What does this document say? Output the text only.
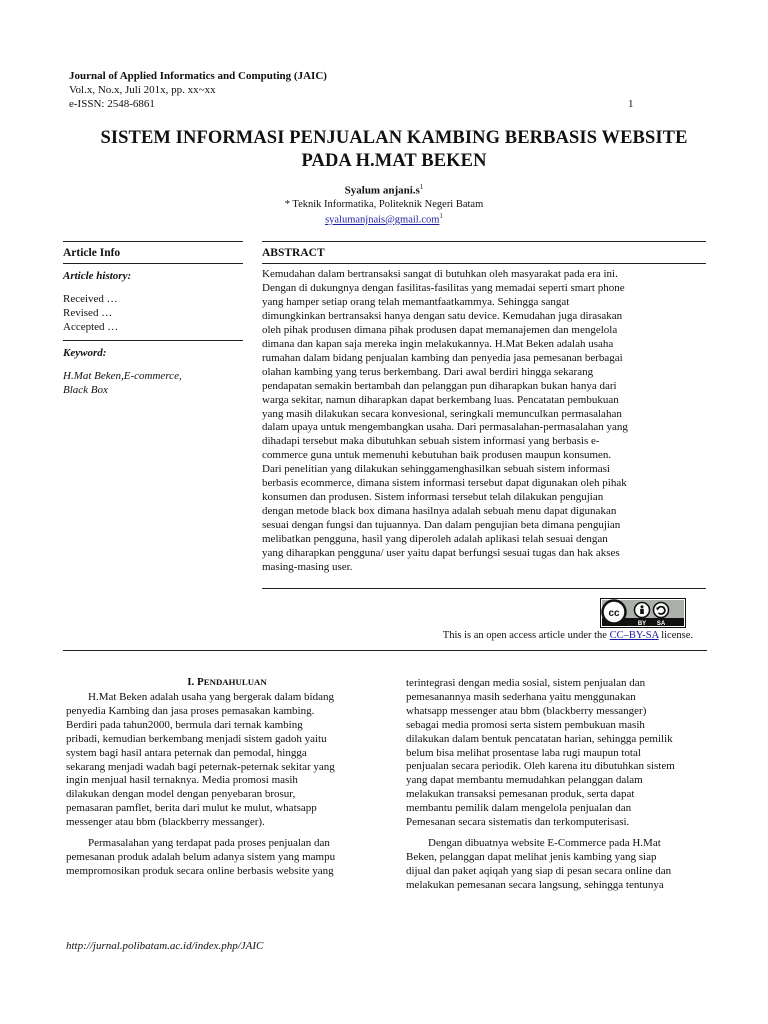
Journal of Applied Informatics and Computing (JAIC)
Vol.x, No.x, Juli 201x, pp. xx~xx
e-ISSN: 2548-6861	1
SISTEM INFORMASI PENJUALAN KAMBING BERBASIS WEBSITE
PADA H.MAT BEKEN
Syalum $anjani.s^1$
* Teknik Informatika, Politeknik Negeri Batam
syalumanjnais@gmail.com$^1$
Article Info	ABSTRACT
Article history:
Received …
Revised …
Accepted …
Keyword:
H.Mat Beken,E-commerce,
Black Box
Kemudahan dalam bertransaksi sangat di butuhkan oleh masyarakat pada era ini.
Dengan di dukungnya dengan fasilitas-fasilitas yang memadai seperti smart phone
yang hamper setiap orang telah memantfaatkammya. Sehingga sangat
dimungkinkan bertransaksi hanya dengan satu device. Kemudahan juga dirasakan
oleh pihak produsen dimana pihak produsen dapat memanajemen dan mengelola
dimana dan kapan saja mereka ingin melakukannya. H.Mat Beken adalah usaha
rumahan dalam bidang penjualan kambing dan penyedia jasa pemesanan berbagai
olahan kambing yang terus berkembang. Dari awal berdiri hingga sekarang
pendapatan semakin bertambah dan pelanggan pun diharapkan bukan hanya dari
warga sekitar, namun diharapkan dapat berkembang luas. Pencatatan pembukuan
yang masih dilakukan secara konvesional, seringkali memunculkan permasalahan
dalam upaya untuk mengembangkan usaha. Dari permasalahan-permasalahan yang
dihadapi tersebut maka dibutuhkan sebuah sistem informasi yang berbasis e-
commerce guna untuk memenuhi kebutuhan baik produsen maupun konsumen.
Dari penelitian yang dilakukan sehinggamenghasilkan sebuah sistem informasi
berbasis ecommerce, dimana sistem informasi tersebut dapat digunakan oleh pihak
konsumen dan produsen. Sistem informasi tersebut telah dilakukan pengujian
dengan metode black box dimana hasilnya adalah sebuah menu dapat digunakan
sesuai dengan fungsi dan tujuannya. Dan dalam pengujian beta dimana pengujian
melibatkan pengguna, hasil yang diperoleh adalah aplikasi telah sesuai dengan
yang diharapkan pengguna/ user yaitu dapat berfungsi sesuai tugas dan hak akses
masing-masing user.
cc
BY SA
This is an open access article under the CC–BY-SA license.
I. PENDAHULUAN
H.Mat Beken adalah usaha yang bergerak dalam bidang
penyedia Kambing dan jasa proses pemasakan kambing.
Berdiri pada tahun2000, bermula dari ternak kambing
pribadi, kemudian berkembang menjadi sistem gadoh yaitu
system bagi hasil antara peternak dan pemodal, hingga
sekarang menjadi wadah bagi peternak-peternak sekitar yang
ingin menjual hasil ternaknya. Media promosi masih
dilakukan dengan model dengan penyebaran brosur,
pemasaran pamflet, berita dari mulut ke mulut, whatsapp
messenger atau bbm (blackberry messanger).
Permasalahan yang terdapat pada proses penjualan dan
pemesanan produk adalah belum adanya sistem yang mampu
mempromosikan produk secara online berbasis website yang
terintegrasi dengan media sosial, sistem penjualan dan
pemesanannya masih sederhana yaitu menggunakan
whatsapp messenger atau bbm (blackberry messanger)
sebagai media promosi serta sistem pembukuan masih
dilakukan dalam bentuk pencatatan harian, sehingga pemilik
belum bisa melihat prosentase laba rugi maupun total
penjualan secara periodik. Oleh karena itu dibutuhkan sistem
yang dapat membantu memudahkan pelanggan dalam
melakukan transaksi pemesanan produk, serta dapat
membantu pemilik dalam mengelola penjualan dan
Pemesanan secara sistematis dan terkomputerisasi.
Dengan dibuatnya website E-Commerce pada H.Mat
Beken, pelanggan dapat melihat jenis kambing yang siap
dijual dan paket aqiqah yang siap di pesan secara online dan
melakukan pemesanan secara langsung, sehingga tentunya
http://jurnal.polibatam.ac.id/index.php/JAIC
